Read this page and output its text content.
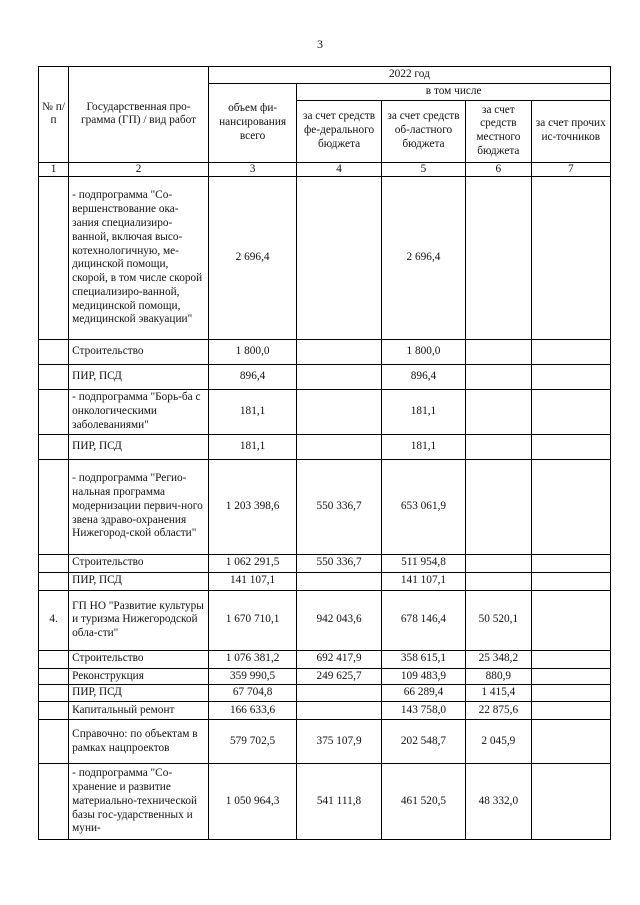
3
№ п/п	Государственная про-грамма (ГП) / вид работ	2022 год				
		объем фи-нансирования всего	в том числе			
			за счет средств фе-дерального бюджета	за счет средств об-ластного бюджета	за счет средств местного бюджета	за счет прочих ис-точников
1	2	3	4	5	6	7
	- подпрограмма "Со-вершенствование ока-зания специализиро-ванной, включая высо-котехнологичную, ме-дицинской помощи, скорой, в том числе скорой специализиро-ванной, медицинской помощи, медицинской эвакуации"	2 696,4		2 696,4		
	Строительство	1 800,0		1 800,0		
	ПИР, ПСД	896,4		896,4		
	- подпрограмма "Борь-ба с онкологическими заболеваниями"	181,1		181,1		
	ПИР, ПСД	181,1		181,1		
	- подпрограмма "Регио-нальная программа модернизации первич-ного звена здраво-охранения Нижегород-ской области"	1 203 398,6	550 336,7	653 061,9		
	Строительство	1 062 291,5	550 336,7	511 954,8		
	ПИР, ПСД	141 107,1		141 107,1		
4.	ГП НО "Развитие культуры и туризма Нижегородской обла-сти"	1 670 710,1	942 043,6	678 146,4	50 520,1	
	Строительство	1 076 381,2	692 417,9	358 615,1	25 348,2	
	Реконструкция	359 990,5	249 625,7	109 483,9	880,9	
	ПИР, ПСД	67 704,8		66 289,4	1 415,4	
	Капитальный ремонт	166 633,6		143 758,0	22 875,6	
	Справочно: по объектам в рамках нацпроектов	579 702,5	375 107,9	202 548,7	2 045,9	
	- подпрограмма "Со-хранение и развитие материально-технической базы гос-ударственных и муни-	1 050 964,3	541 111,8	461 520,5	48 332,0	
